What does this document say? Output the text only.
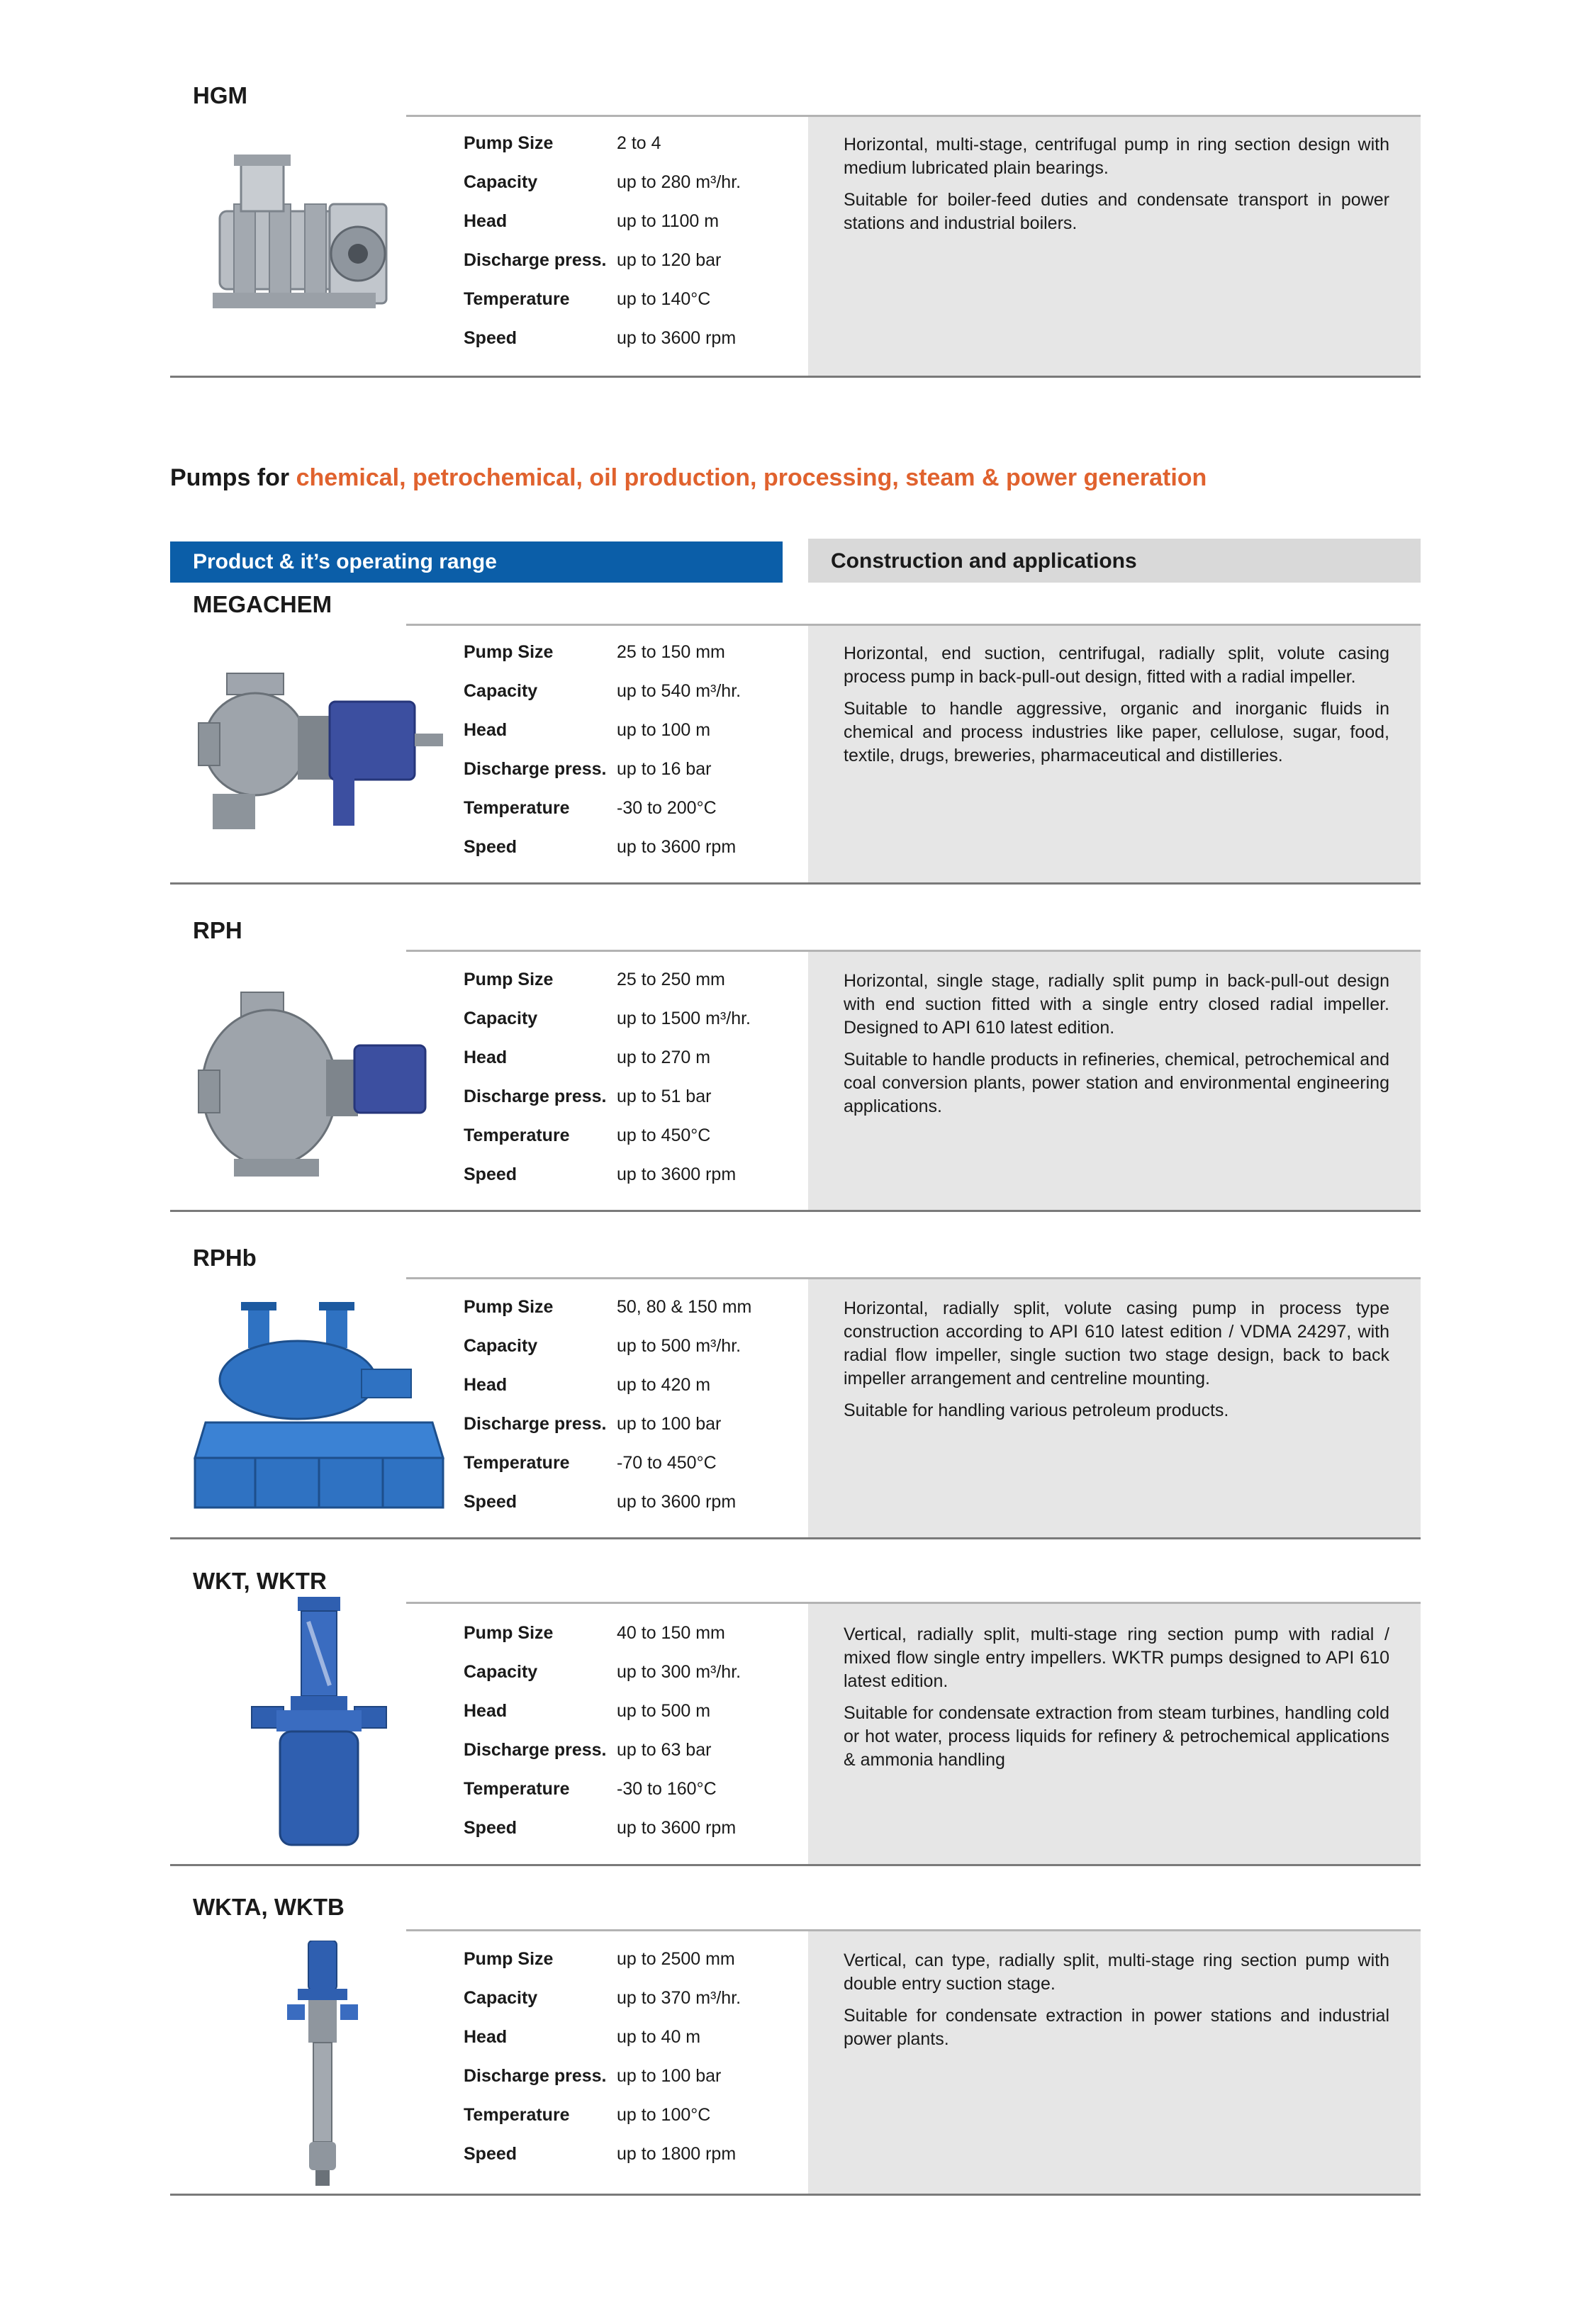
Pumps for chemical, petrochemical, oil production, processing, steam & power generation
Product & it’s operating range	Construction and applications
HGM

Horizontal, multi-stage, centrifugal pump in ring section design with medium lubricated plain bearings.

Suitable for boiler-feed duties and condensate transport in power stations and industrial boilers.

Pump Size	2 to 4
Capacity	up to 280 m³/hr.
Head	up to 1100 m
Discharge press. up to 120 bar
Temperature	up to 140°C
Speed	up to 3600 rpm
MEGACHEM

Horizontal, end suction, centrifugal, radially split, volute casing process pump in back-pull-out design, fitted with a radial impeller.

Suitable to handle aggressive, organic and inorganic fluids in chemical and process industries like paper, cellulose, sugar, food, textile, drugs, breweries, pharmaceutical and distilleries.

Pump Size	25 to 150 mm
Capacity	up to 540 m³/hr.
Head	up to 100 m
Discharge press. up to 16 bar
Temperature	-30 to 200°C
Speed	up to 3600 rpm
RPH

Horizontal, single stage, radially split pump in back-pull-out design with end suction fitted with a single entry closed radial impeller. Designed to API 610 latest edition.

Suitable to handle products in refineries, chemical, petrochemical and coal conversion plants, power station and environmental engineering applications.

Pump Size	25 to 250 mm
Capacity	up to 1500 m³/hr.
Head	up to 270 m
Discharge press. up to 51 bar
Temperature	up to 450°C
Speed	up to 3600 rpm
RPHb

Horizontal, radially split, volute casing pump in process type construction according to API 610 latest edition / VDMA 24297, with radial flow impeller, single suction two stage design, back to back impeller arrangement and centreline mounting.

Suitable for handling various petroleum products.

Pump Size	50, 80 & 150 mm
Capacity	up to 500 m³/hr.
Head	up to 420 m
Discharge press. up to 100 bar
Temperature	-70 to 450°C
Speed	up to 3600 rpm
WKT, WKTR

Vertical, radially split, multi-stage ring section pump with radial / mixed flow single entry impellers. WKTR pumps designed to API 610 latest edition.

Suitable for condensate extraction from steam turbines, handling cold or hot water, process liquids for refinery & petrochemical applications & ammonia handling

Pump Size	40 to 150 mm
Capacity	up to 300 m³/hr.
Head	up to 500 m
Discharge press. up to 63 bar
Temperature	-30 to 160°C
Speed	up to 3600 rpm
WKTA, WKTB

Vertical, can type, radially split, multi-stage ring section pump with double entry suction stage.

Suitable for condensate extraction in power stations and industrial power plants.

Pump Size	up to 2500 mm
Capacity	up to 370 m³/hr.
Head	up to 40 m
Discharge press. up to 100 bar
Temperature	up to 100°C
Speed	up to 1800 rpm
